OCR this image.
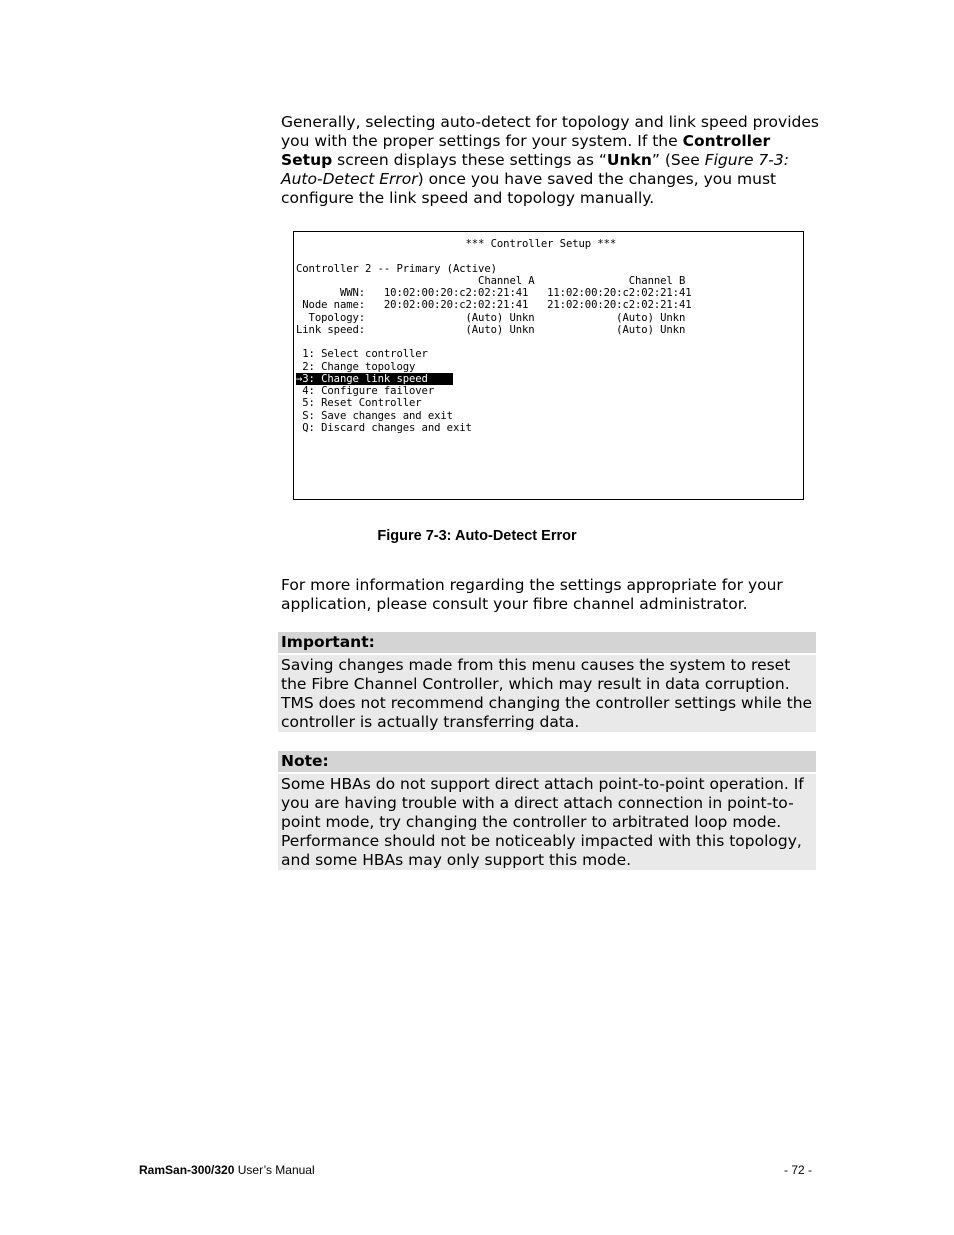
Generally, selecting auto-detect for topology and link speed provides you with the proper settings for your system. If the Controller Setup screen displays these settings as “Unkn” (See Figure 7-3: Auto-Detect Error) once you have saved the changes, you must configure the link speed and topology manually.

*** Controller Setup ***

Controller 2 -- Primary (Active)
Channel A               Channel B
WWN:   10:02:00:20:c2:02:21:41   11:02:00:20:c2:02:21:41
Node name:   20:02:00:20:c2:02:21:41   21:02:00:20:c2:02:21:41
Topology:                (Auto) Unkn             (Auto) Unkn
Link speed:                (Auto) Unkn             (Auto) Unkn

1: Select controller
2: Change topology
→3: Change link speed
4: Configure failover
5: Reset Controller
S: Save changes and exit
Q: Discard changes and exit
Figure 7-3: Auto-Detect Error

For more information regarding the settings appropriate for your application, please consult your fibre channel administrator.

Important:
Saving changes made from this menu causes the system to reset the Fibre Channel Controller, which may result in data corruption. TMS does not recommend changing the controller settings while the controller is actually transferring data.
Note:
Some HBAs do not support direct attach point-to-point operation. If you are having trouble with a direct attach connection in point-to-point mode, try changing the controller to arbitrated loop mode. Performance should not be noticeably impacted with this topology, and some HBAs may only support this mode.
RamSan-300/320 User’s Manual	- 72 -
